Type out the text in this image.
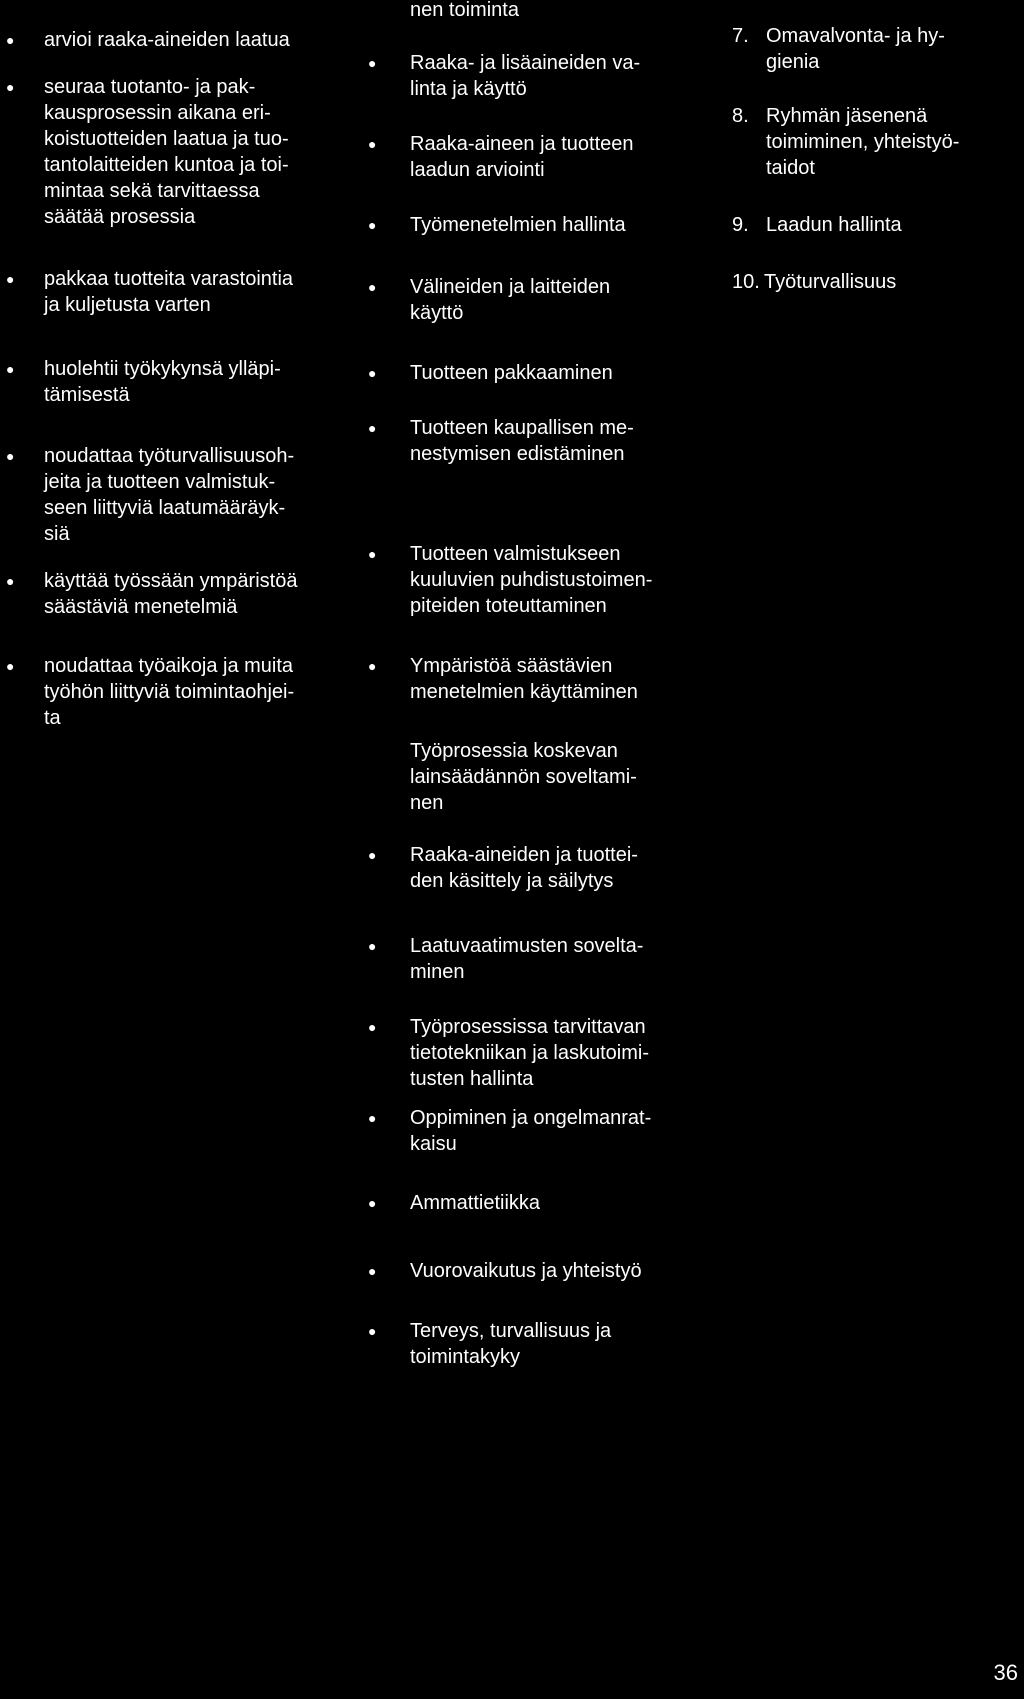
● arvioi raaka-aineiden laatua

● seuraa tuotanto- ja pak-

kausprosessin aikana eri-

koistuotteiden laatua ja tuo-

tantolaitteiden kuntoa ja toi-

mintaa sekä tarvittaessa

säätää prosessia

● pakkaa tuotteita varastointia

ja kuljetusta varten

● huolehtii työkykynsä ylläpi-

tämisestä

● noudattaa työturvallisuusoh-

jeita ja tuotteen valmistuk-

seen liittyviä laatumääräyk-

siä

● käyttää työssään ympäristöä

säästäviä menetelmiä

● noudattaa työaikoja ja muita

työhön liittyviä toimintaohjei-

ta

nen toiminta

● Raaka- ja lisäaineiden va-

linta ja käyttö

● Raaka-aineen ja tuotteen

laadun arviointi

● Työmenetelmien hallinta

● Välineiden ja laitteiden

käyttö

● Tuotteen pakkaaminen

● Tuotteen kaupallisen me-

nestymisen edistäminen

● Tuotteen valmistukseen

kuuluvien puhdistustoimen-

piteiden toteuttaminen

● Ympäristöä säästävien

menetelmien käyttäminen

Työprosessia koskevan

lainsäädännön soveltami-

nen

● Raaka-aineiden ja tuottei-

den käsittely ja säilytys

● Laatuvaatimusten sovelta-

minen

● Työprosessissa tarvittavan

tietotekniikan ja laskutoimi-

tusten hallinta

● Oppiminen ja ongelmanrat-

kaisu

● Ammattietiikka

● Vuorovaikutus ja yhteistyö

● Terveys, turvallisuus ja

toimintakyky

7. Omavalvonta- ja hy-

gienia

8. Ryhmän jäsenenä

toimiminen, yhteistyö-

taidot

9. Laadun hallinta

10. Työturvallisuus

36
